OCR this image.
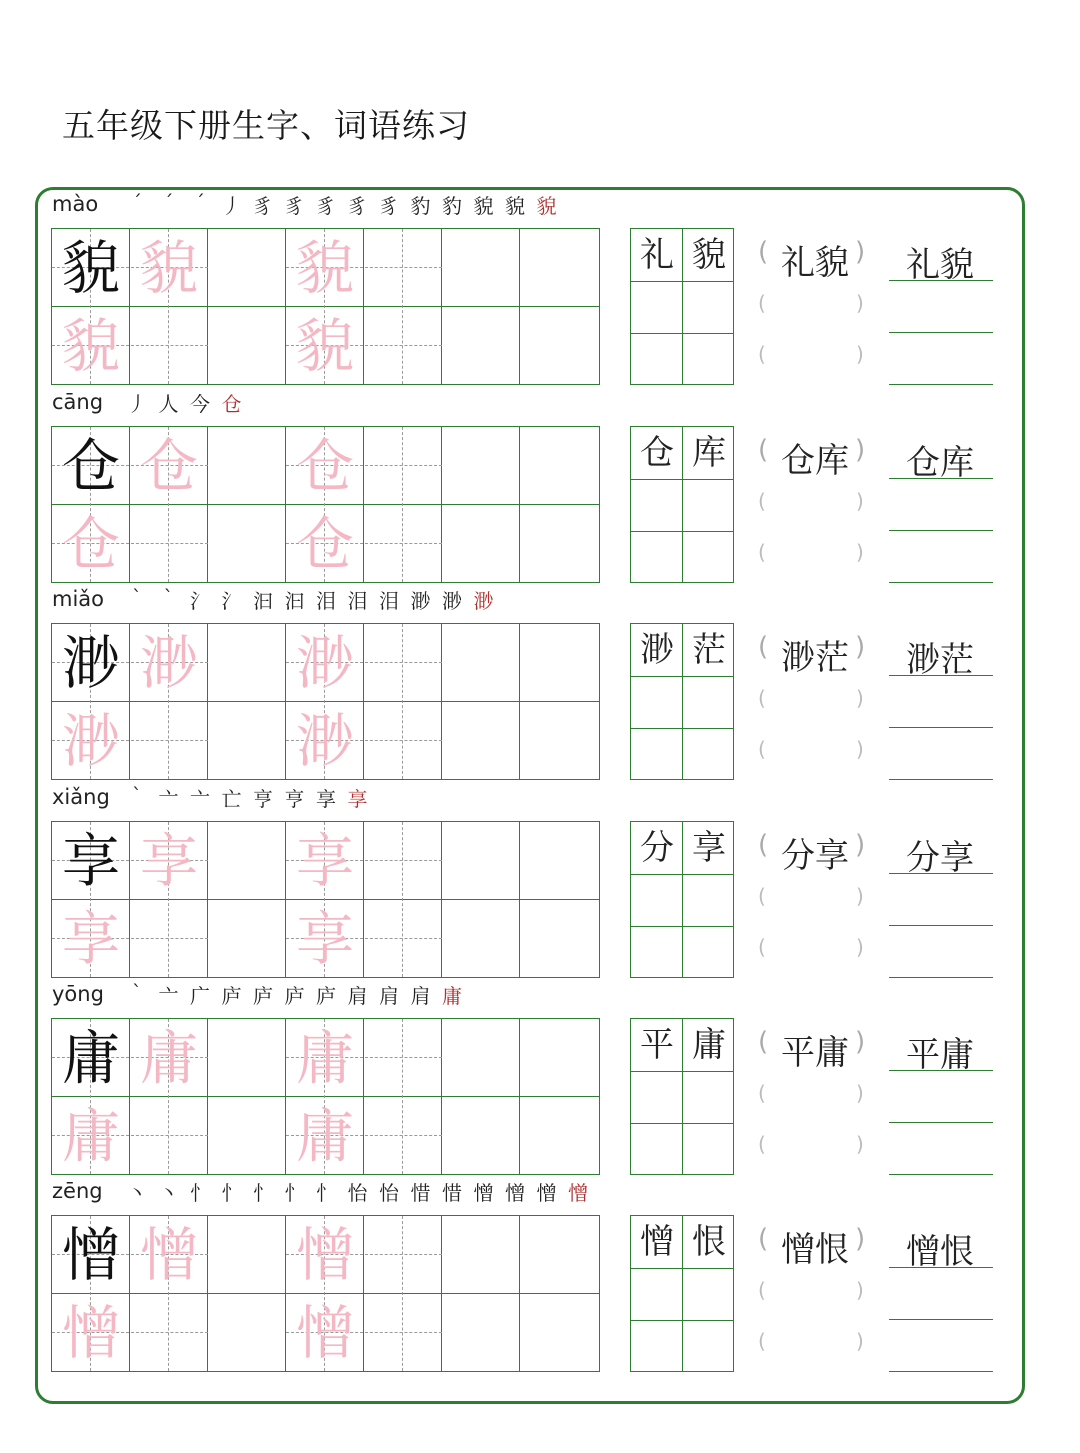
五年级下册生字、词语练习
mào	´	´	´ 丿 豸 豸 豸 豸 豸 豹 豹 貌 貌 貌
貌 貌 貌
貌	貌
礼 貌	(	)
礼貌
(	)
(	)
礼貌
cāng 丿 人 今 仓
仓 仓 仓
仓	仓
仓 库	(	)
仓库
(	)
(	)
仓库
miǎo	`	` 氵 氵 汩 汩 泪 泪 泪 渺 渺 渺
渺 渺 渺
渺	渺
渺 茫	(	)
渺茫
(	)
(	)
渺茫
xiǎng	` 亠 亠 亡 亨 亨 享 享
享 享 享
享	享
分 享	(	)
分享
(	)
(	)
分享
yōng	` 亠 广 庐 庐 庐 庐 肩 肩 肩 庸
庸 庸 庸
庸	庸
平 庸	(	)
平庸
(	)
(	)
平庸
zēng 丶 丶 忄 忄 忄 忄 忄 怡 怡 惜 惜 憎 憎 憎 憎
憎 憎 憎
憎	憎
憎 恨	(	)
憎恨
(	)
(	)
憎恨
